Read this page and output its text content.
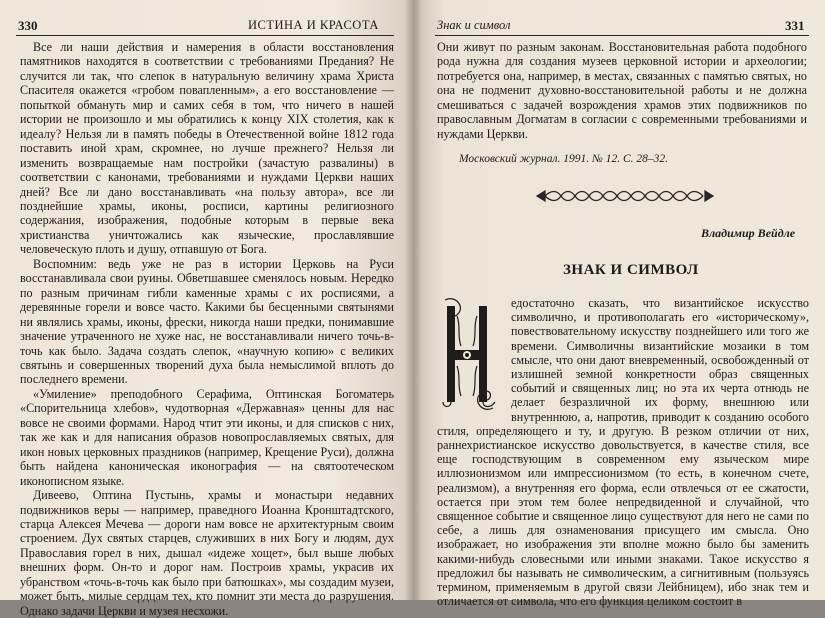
330	ИСТИНА И КРАСОТА

Все ли наши действия и намерения в области восстановления памятников находятся в соответствии с требованиями Предания? Не случится ли так, что слепок в натуральную величину храма Христа Спасителя окажется «гробом повапленным», а его восстановление — попыткой обмануть мир и самих себя в том, что ничего в нашей истории не произошло и мы обратились к концу XIX столетия, как к идеалу? Нельзя ли в память победы в Отечественной войне 1812 года поставить иной храм, скромнее, но лучше прежнего? Нельзя ли изменить возвращаемые нам постройки (зачастую развалины) в соответствии с канонами, требованиями и нуждами Церкви наших дней? Все ли дано восстанавливать «на пользу автора», все ли позднейшие храмы, иконы, росписи, картины религиозного содержания, изображения, подобные которым в первые века христианства уничтожались как языческие, прославлявшие человеческую плоть и душу, отпавшую от Бога.

Воспомним: ведь уже не раз в истории Церковь на Руси восстанавливала свои руины. Обветшавшее сменялось новым. Нередко по разным причинам гибли каменные храмы с их росписями, а деревянные горели и вовсе часто. Какими бы бесценными святынями ни являлись храмы, иконы, фрески, никогда наши предки, понимавшие значение утраченного не хуже нас, не восстанавливали ничего точь-в-точь как было. Задача создать слепок, «научную копию» с великих святынь и совершенных творений духа была немыслимой вплоть до последнего времени.

«Умиление» преподобного Серафима, Оптинская Богоматерь «Спорительница хлебов», чудотворная «Державная» ценны для нас вовсе не своими формами. Народ чтит эти иконы, и для списков с них, так же как и для написания образов новопрославляемых святых, для икон новых церковных праздников (например, Крещение Руси), должна быть найдена каноническая иконография — на святоотеческом иконописном языке.

Дивеево, Оптина Пустынь, храмы и монастыри недавних подвижников веры — например, праведного Иоанна Кронштадтского, старца Алексея Мечева — дороги нам вовсе не архитектурным своим строением. Дух святых старцев, служивших в них Богу и людям, дух Православия горел в них, дышал «идеже хощет», был выше любых внешних форм. Он-то и дорог нам. Построив храмы, украсив их убранством «точь-в-точь как было при батюшках», мы создадим музеи, может быть, милые сердцам тех, кто помнит эти места до разрушения. Однако задачи Церкви и музея несхожи.

Знак и символ	331

Они живут по разным законам. Восстановительная работа подобного рода нужна для создания музеев церковной истории и археологии; потребуется она, например, в местах, связанных с памятью святых, но она не подменит духовно-восстановительной работы и не должна смешиваться с задачей возрождения храмов этих подвижников по православным Догматам в согласии с современными требованиями и нуждами Церкви.

Московский журнал. 1991. № 12. С. 28–32.
Владимир Вейдле
ЗНАК И СИМВОЛ

едостаточно сказать, что византийское искусство символично, и противополагать его «историческому», повествовательному искусству позднейшего или того же времени. Символичны византийские мозаики в том смысле, что они дают вневременный, освобожденный от излишней земной конкретности образ священных событий и священных лиц; но эта их черта отнюдь не делает безразличной их форму, внешнюю или внутреннюю, а, напротив, приводит к созданию особого стиля, определяющего и ту, и другую. В резком отличии от них, раннехристианское искусство довольствуется, в качестве стиля, все еще господствующим в современном ему языческом мире иллюзионизмом или импрессионизмом (то есть, в конечном счете, реализмом), а внутренняя его форма, если отвлечься от ее сжатости, остается при этом тем более непредвиденной и случайной, что священное событие и священное лицо существуют для него не сами по себе, а лишь для ознаменования присущего им смысла. Оно изображает, но изображения эти вполне можно было бы заменить какими-нибудь словесными или иными знаками. Такое искусство я предложил бы называть не символическим, а сигнитивным (пользуясь термином, применяемым в другой связи Лейбницем), ибо знак тем и отличается от символа, что его функция целиком состоит в
